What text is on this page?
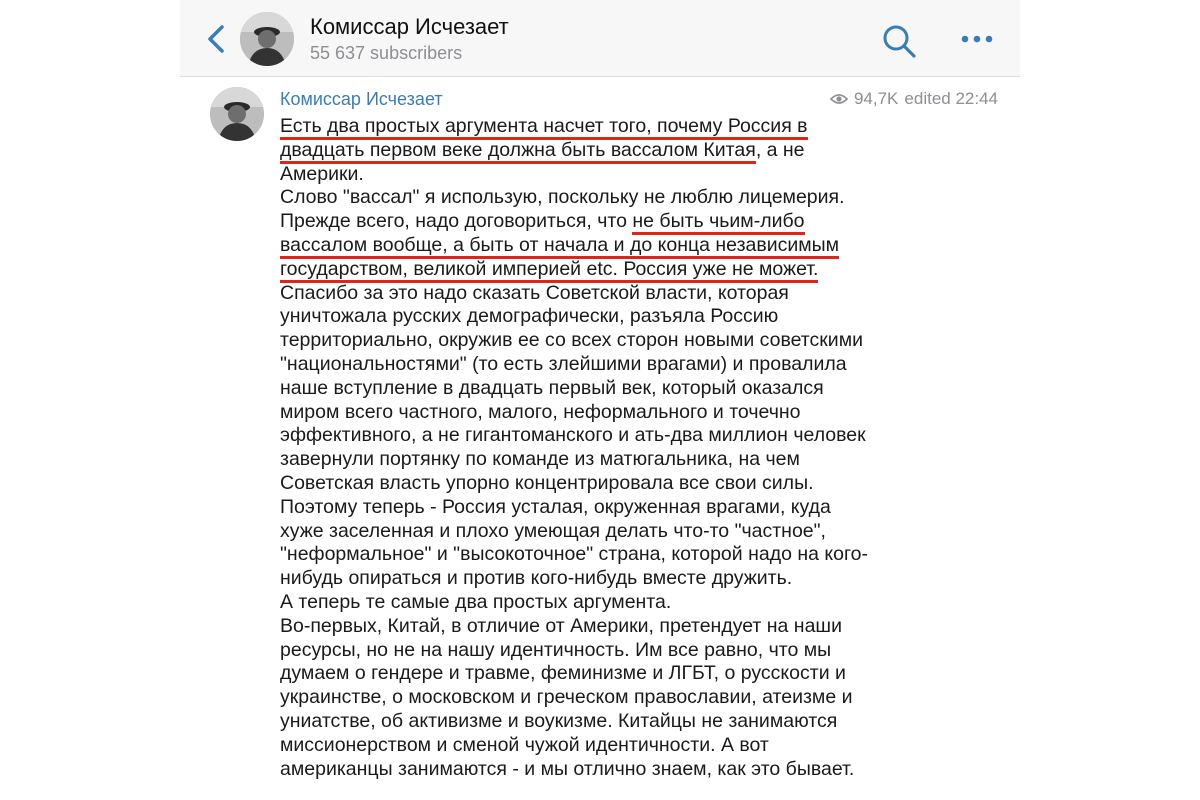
Комиссар Исчезает
55 637 subscribers
Комиссар Исчезает	94,7K edited 22:44
Есть два простых аргумента насчет того, почему Россия в
двадцать первом веке должна быть вассалом Китая, а не
Америки.
Слово "вассал" я использую, поскольку не люблю лицемерия.
Прежде всего, надо договориться, что не быть чьим-либо
вассалом вообще, а быть от начала и до конца независимым
государством, великой империей etc. Россия уже не может.
Спасибо за это надо сказать Советской власти, которая
уничтожала русских демографически, разъяла Россию
территориально, окружив ее со всех сторон новыми советскими
"национальностями" (то есть злейшими врагами) и провалила
наше вступление в двадцать первый век, который оказался
миром всего частного, малого, неформального и точечно
эффективного, а не гигантоманского и ать-два миллион человек
завернули портянку по команде из матюгальника, на чем
Советская власть упорно концентрировала все свои силы.
Поэтому теперь - Россия усталая, окруженная врагами, куда
хуже заселенная и плохо умеющая делать что-то "частное",
"неформальное" и "высокоточное" страна, которой надо на кого-
нибудь опираться и против кого-нибудь вместе дружить.
А теперь те самые два простых аргумента.
Во-первых, Китай, в отличие от Америки, претендует на наши
ресурсы, но не на нашу идентичность. Им все равно, что мы
думаем о гендере и травме, феминизме и ЛГБТ, о русскости и
украинстве, о московском и греческом православии, атеизме и
униатстве, об активизме и воукизме. Китайцы не занимаются
миссионерством и сменой чужой идентичности. А вот
американцы занимаются - и мы отлично знаем, как это бывает.
